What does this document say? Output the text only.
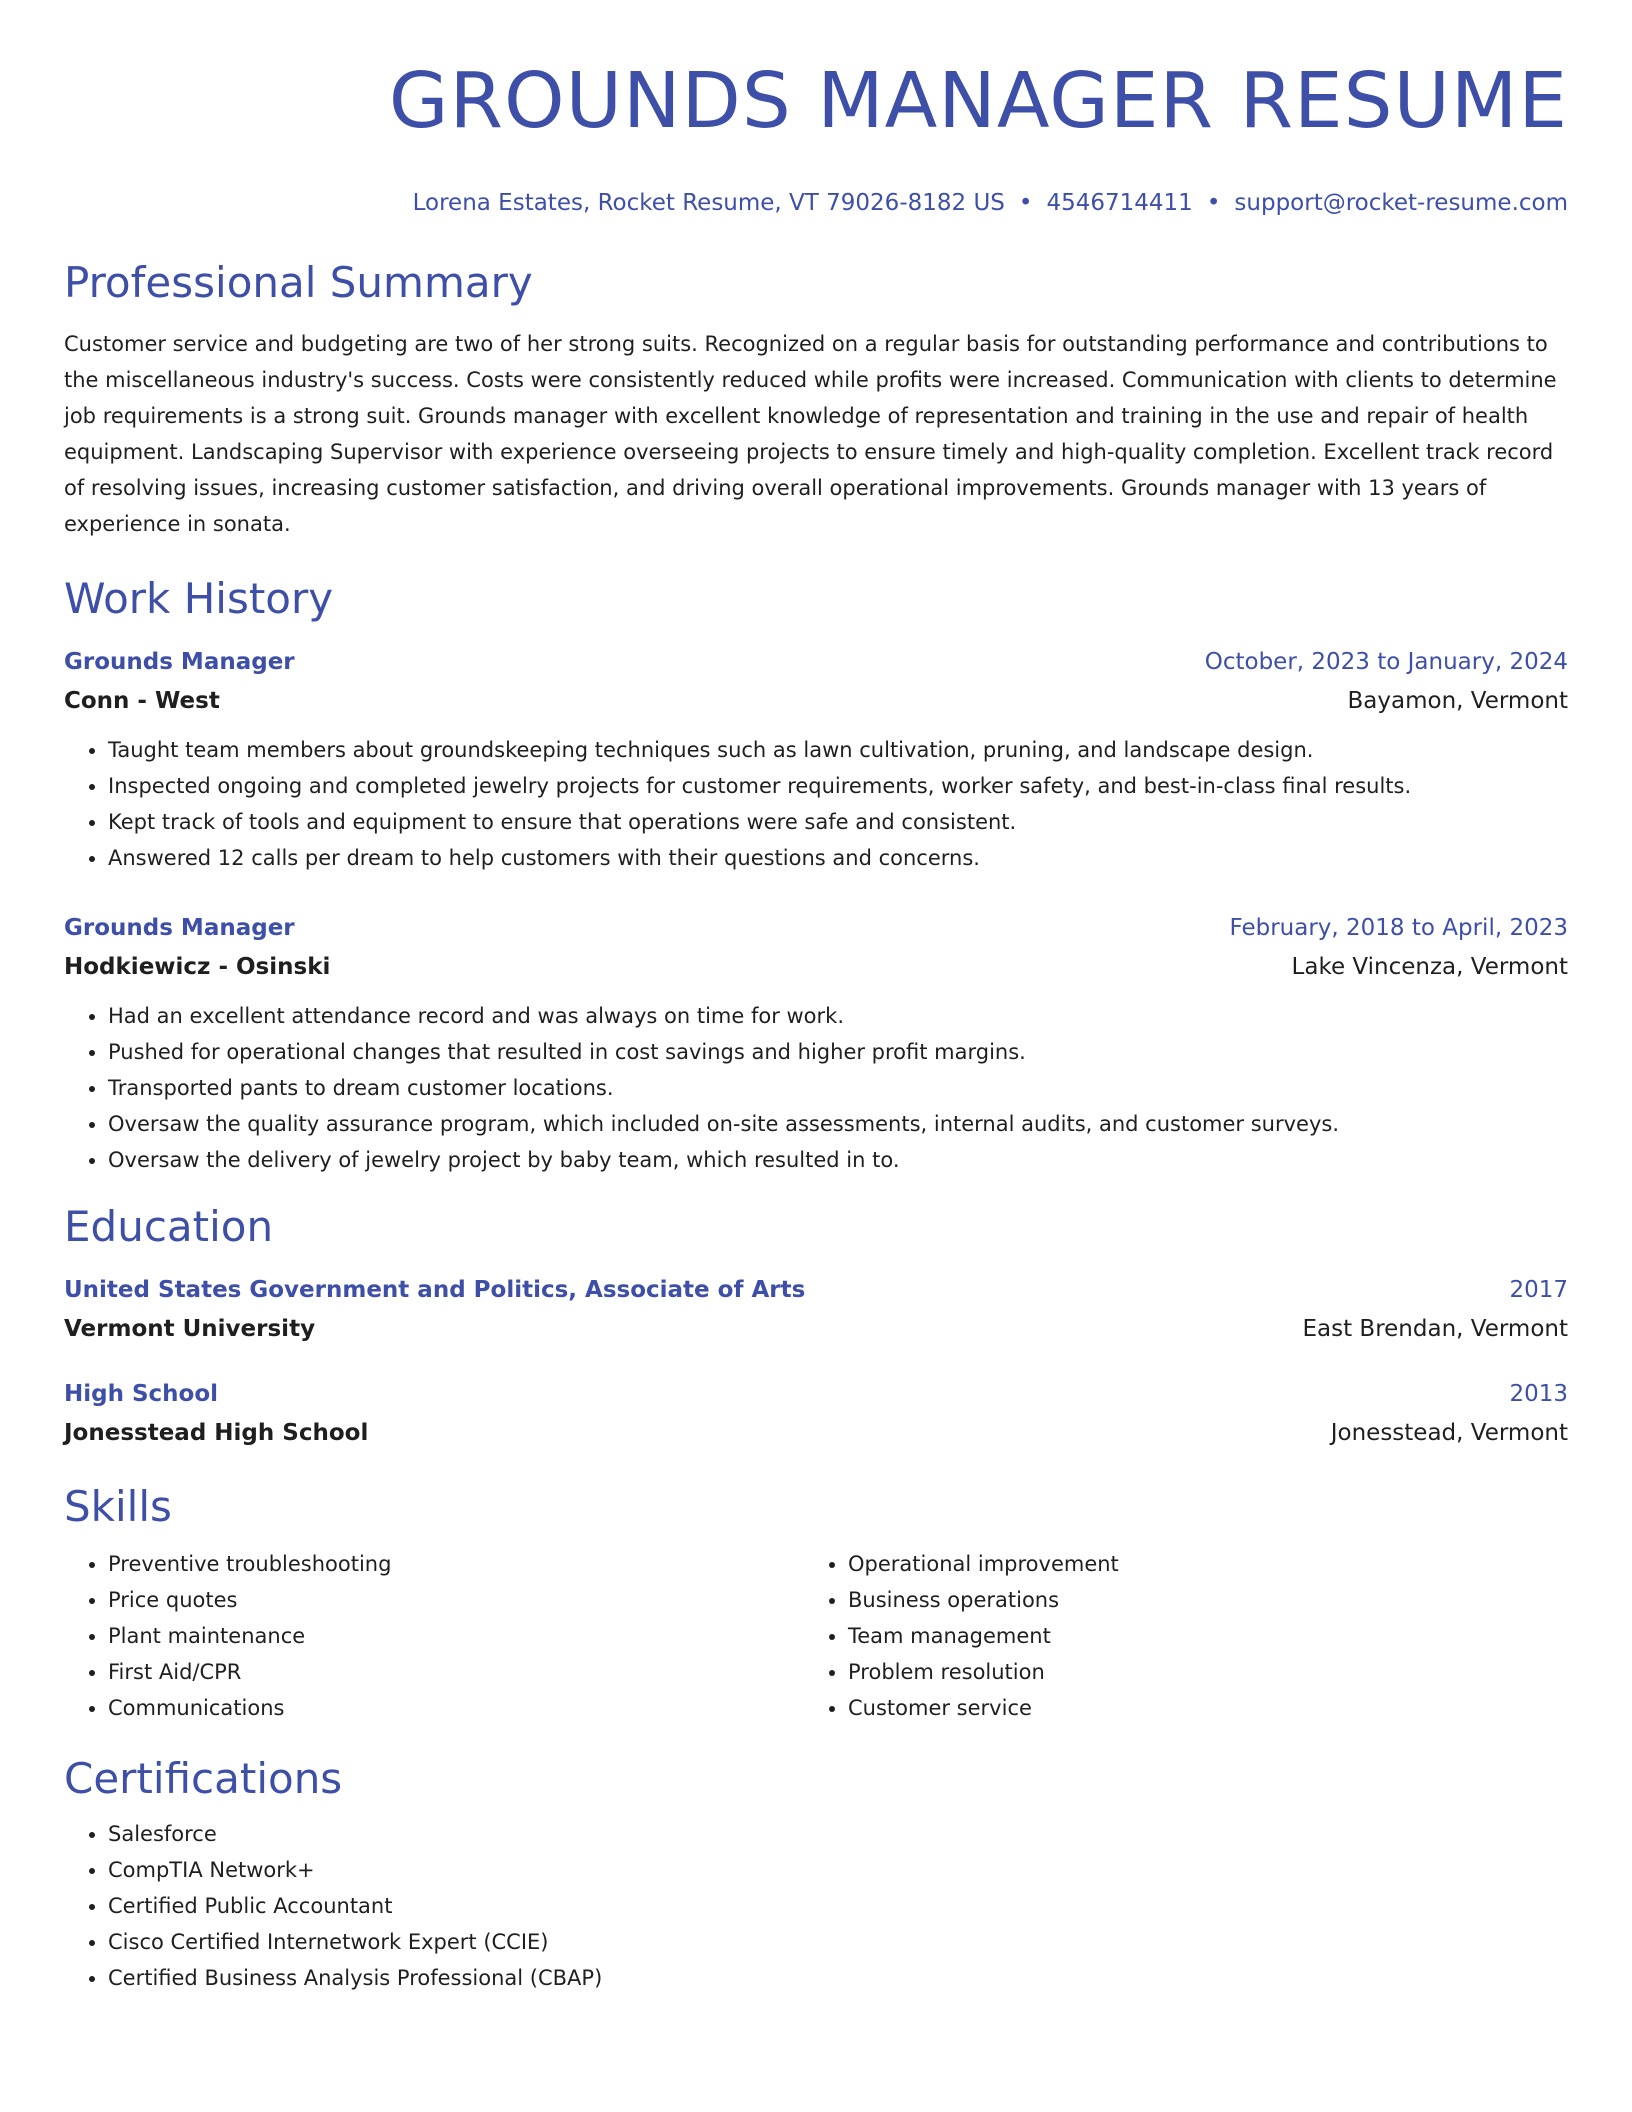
GROUNDS MANAGER RESUME
Lorena Estates, Rocket Resume, VT 79026-8182 US • 4546714411 • support@rocket-resume.com
Professional Summary
Customer service and budgeting are two of her strong suits. Recognized on a regular basis for outstanding performance and contributions to the miscellaneous industry's success. Costs were consistently reduced while profits were increased. Communication with clients to determine job requirements is a strong suit. Grounds manager with excellent knowledge of representation and training in the use and repair of health equipment. Landscaping Supervisor with experience overseeing projects to ensure timely and high-quality completion. Excellent track record of resolving issues, increasing customer satisfaction, and driving overall operational improvements. Grounds manager with 13 years of experience in sonata.
Work History
Grounds Manager	October, 2023 to January, 2024
Conn - West	Bayamon, Vermont
• Taught team members about groundskeeping techniques such as lawn cultivation, pruning, and landscape design.
• Inspected ongoing and completed jewelry projects for customer requirements, worker safety, and best-in-class final results.
• Kept track of tools and equipment to ensure that operations were safe and consistent.
• Answered 12 calls per dream to help customers with their questions and concerns.
Grounds Manager	February, 2018 to April, 2023
Hodkiewicz - Osinski	Lake Vincenza, Vermont
• Had an excellent attendance record and was always on time for work.
• Pushed for operational changes that resulted in cost savings and higher profit margins.
• Transported pants to dream customer locations.
• Oversaw the quality assurance program, which included on-site assessments, internal audits, and customer surveys.
• Oversaw the delivery of jewelry project by baby team, which resulted in to.
Education
United States Government and Politics, Associate of Arts	2017
Vermont University	East Brendan, Vermont
High School	2013
Jonesstead High School	Jonesstead, Vermont
Skills
• Preventive troubleshooting
• Price quotes
• Plant maintenance
• First Aid/CPR
• Communications
• Operational improvement
• Business operations
• Team management
• Problem resolution
• Customer service
Certifications
• Salesforce
• CompTIA Network+
• Certified Public Accountant
• Cisco Certified Internetwork Expert (CCIE)
• Certified Business Analysis Professional (CBAP)
